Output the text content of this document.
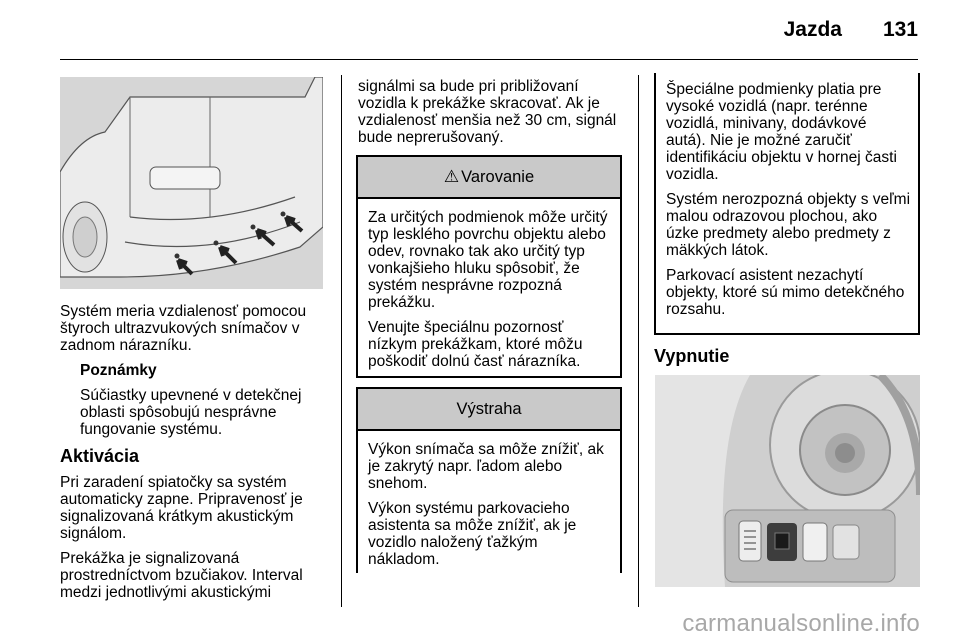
Jazda 131

Systém meria vzdialenosť pomocou štyroch ultrazvukových snímačov v zadnom nárazníku.

Poznámky

Súčiastky upevnené v detekčnej oblasti spôsobujú nesprávne fungovanie systému.

Aktivácia

Pri zaradení spiatočky sa systém automaticky zapne. Pripravenosť je signalizovaná krátkym akustickým signálom.

Prekážka je signalizovaná prostredníctvom bzučiakov. Interval medzi jednotlivými akustickými

signálmi sa bude pri približovaní vozidla k prekážke skracovať. Ak je vzdialenosť menšia než 30 cm, signál bude neprerušovaný.
⚠ Varovanie

Za určitých podmienok môže určitý typ lesklého povrchu objektu alebo odev, rovnako tak ako určitý typ vonkajšieho hluku spôsobiť, že systém nesprávne rozpozná prekážku.

Venujte špeciálnu pozornosť nízkym prekážkam, ktoré môžu poškodiť dolnú časť nárazníka.

Výstraha

Výkon snímača sa môže znížiť, ak je zakrytý napr. ľadom alebo snehom.

Výkon systému parkovacieho asistenta sa môže znížiť, ak je vozidlo naložený ťažkým nákladom.

Špeciálne podmienky platia pre vysoké vozidlá (napr. terénne vozidlá, minivany, dodávkové autá). Nie je možné zaručiť identifikáciu objektu v hornej časti vozidla.

Systém nerozpozná objekty s veľmi malou odrazovou plochou, ako úzke predmety alebo predmety z mäkkých látok.

Parkovací asistent nezachytí objekty, ktoré sú mimo detekčného rozsahu.

Vypnutie
carmanualsonline.info
